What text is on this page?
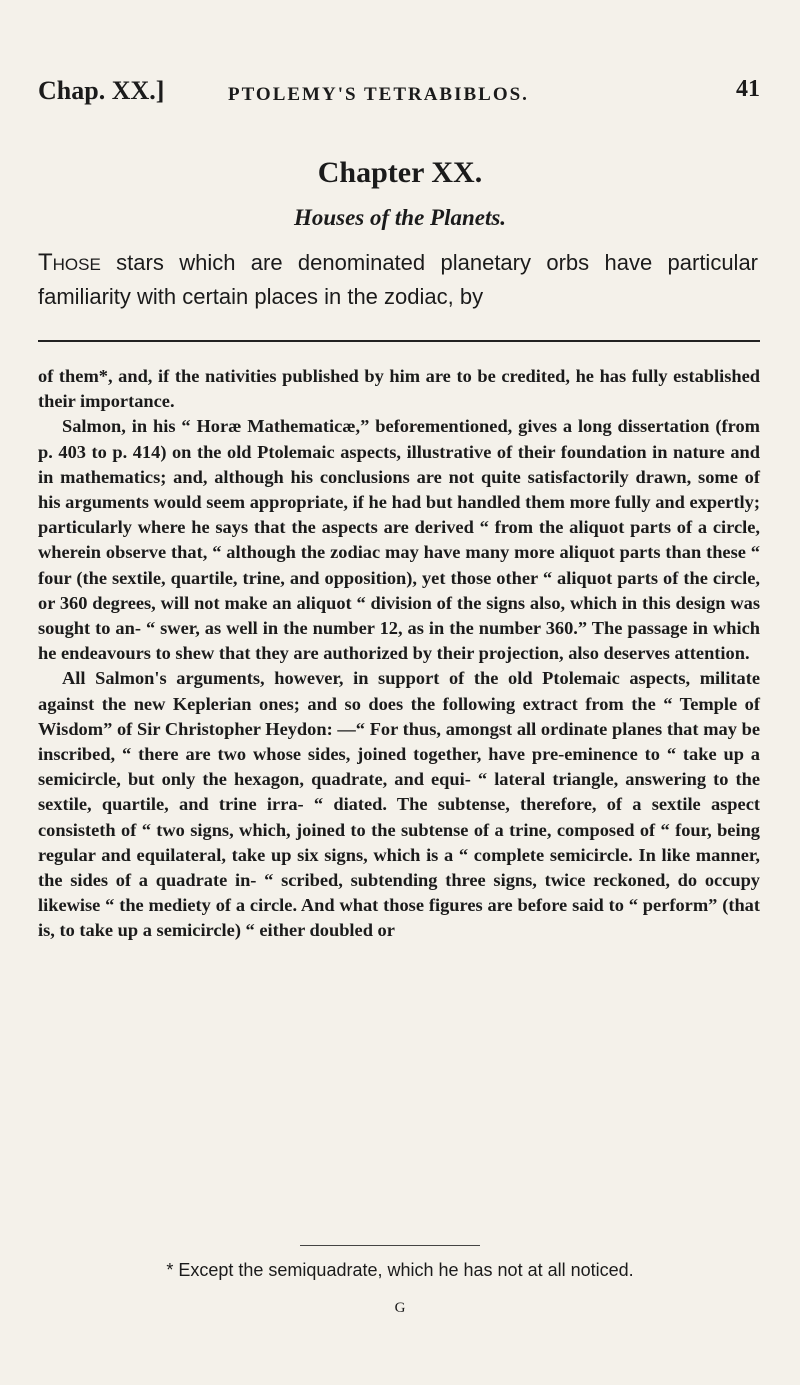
Chap. XX.]	PTOLEMY'S TETRABIBLOS.	41
Chapter XX.
Houses of the Planets.
Those stars which are denominated planetary orbs have particular familiarity with certain places in the zodiac, by

of them*, and, if the nativities published by him are to be credited, he has fully established their importance.

Salmon, in his “ Horæ Mathematicæ,” beforementioned, gives a long dissertation (from p. 403 to p. 414) on the old Ptolemaic aspects, illustrative of their foundation in nature and in mathematics; and, although his conclusions are not quite satisfactorily drawn, some of his arguments would seem appropriate, if he had but handled them more fully and expertly; particularly where he says that the aspects are derived “ from the aliquot parts of a circle, wherein observe that, “ although the zodiac may have many more aliquot parts than these “ four (the sextile, quartile, trine, and opposition), yet those other “ aliquot parts of the circle, or 360 degrees, will not make an aliquot “ division of the signs also, which in this design was sought to an- “ swer, as well in the number 12, as in the number 360.” The passage in which he endeavours to shew that they are authorized by their projection, also deserves attention.

All Salmon's arguments, however, in support of the old Ptolemaic aspects, militate against the new Keplerian ones; and so does the following extract from the “ Temple of Wisdom” of Sir Christopher Heydon: —“ For thus, amongst all ordinate planes that may be inscribed, “ there are two whose sides, joined together, have pre-eminence to “ take up a semicircle, but only the hexagon, quadrate, and equi- “ lateral triangle, answering to the sextile, quartile, and trine irra- “ diated. The subtense, therefore, of a sextile aspect consisteth of “ two signs, which, joined to the subtense of a trine, composed of “ four, being regular and equilateral, take up six signs, which is a “ complete semicircle. In like manner, the sides of a quadrate in- “ scribed, subtending three signs, twice reckoned, do occupy likewise “ the mediety of a circle. And what those figures are before said to “ perform” (that is, to take up a semicircle) “ either doubled or

* Except the semiquadrate, which he has not at all noticed.
G
